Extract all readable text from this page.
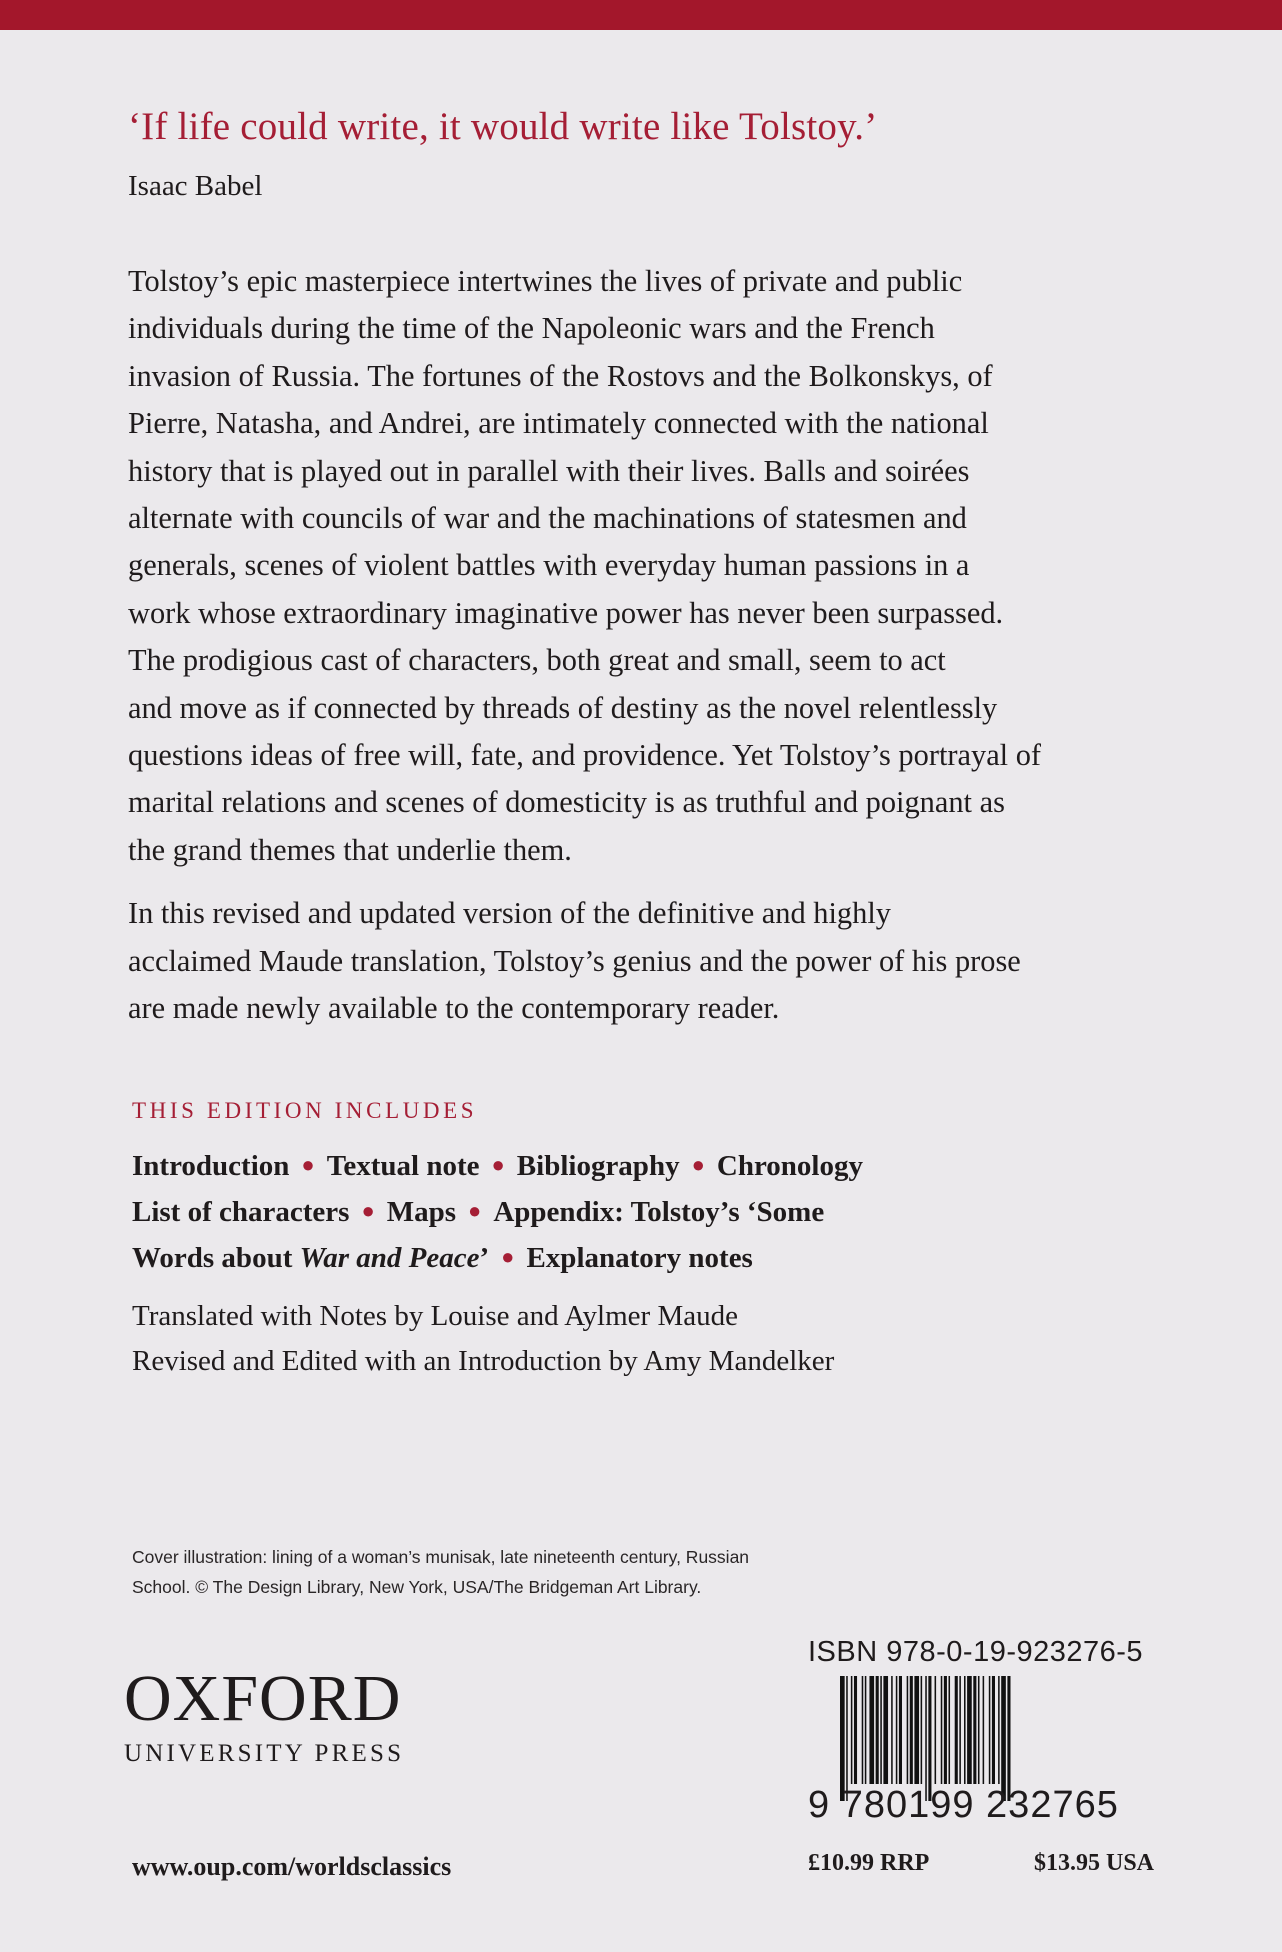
‘If life could write, it would write like Tolstoy.’
Isaac Babel

Tolstoy’s epic masterpiece intertwines the lives of private and public
individuals during the time of the Napoleonic wars and the French
invasion of Russia. The fortunes of the Rostovs and the Bolkonskys, of
Pierre, Natasha, and Andrei, are intimately connected with the national
history that is played out in parallel with their lives. Balls and soirées
alternate with councils of war and the machinations of statesmen and
generals, scenes of violent battles with everyday human passions in a
work whose extraordinary imaginative power has never been surpassed.
The prodigious cast of characters, both great and small, seem to act
and move as if connected by threads of destiny as the novel relentlessly
questions ideas of free will, fate, and providence. Yet Tolstoy’s portrayal of
marital relations and scenes of domesticity is as truthful and poignant as
the grand themes that underlie them.

In this revised and updated version of the definitive and highly
acclaimed Maude translation, Tolstoy’s genius and the power of his prose
are made newly available to the contemporary reader.

THIS EDITION INCLUDES
Introduction ● Textual note ● Bibliography ● Chronology
List of characters ● Maps ● Appendix: Tolstoy’s ‘Some
Words about War and Peace’ ● Explanatory notes
Translated with Notes by Louise and Aylmer Maude
Revised and Edited with an Introduction by Amy Mandelker
Cover illustration: lining of a woman’s munisak, late nineteenth century, Russian
School. © The Design Library, New York, USA/The Bridgeman Art Library.
OXFORD
UNIVERSITY PRESS
www.oup.com/worldsclassics
ISBN 978-0-19-923276-5
9 780199 232765
£10.99 RRP	$13.95 USA
